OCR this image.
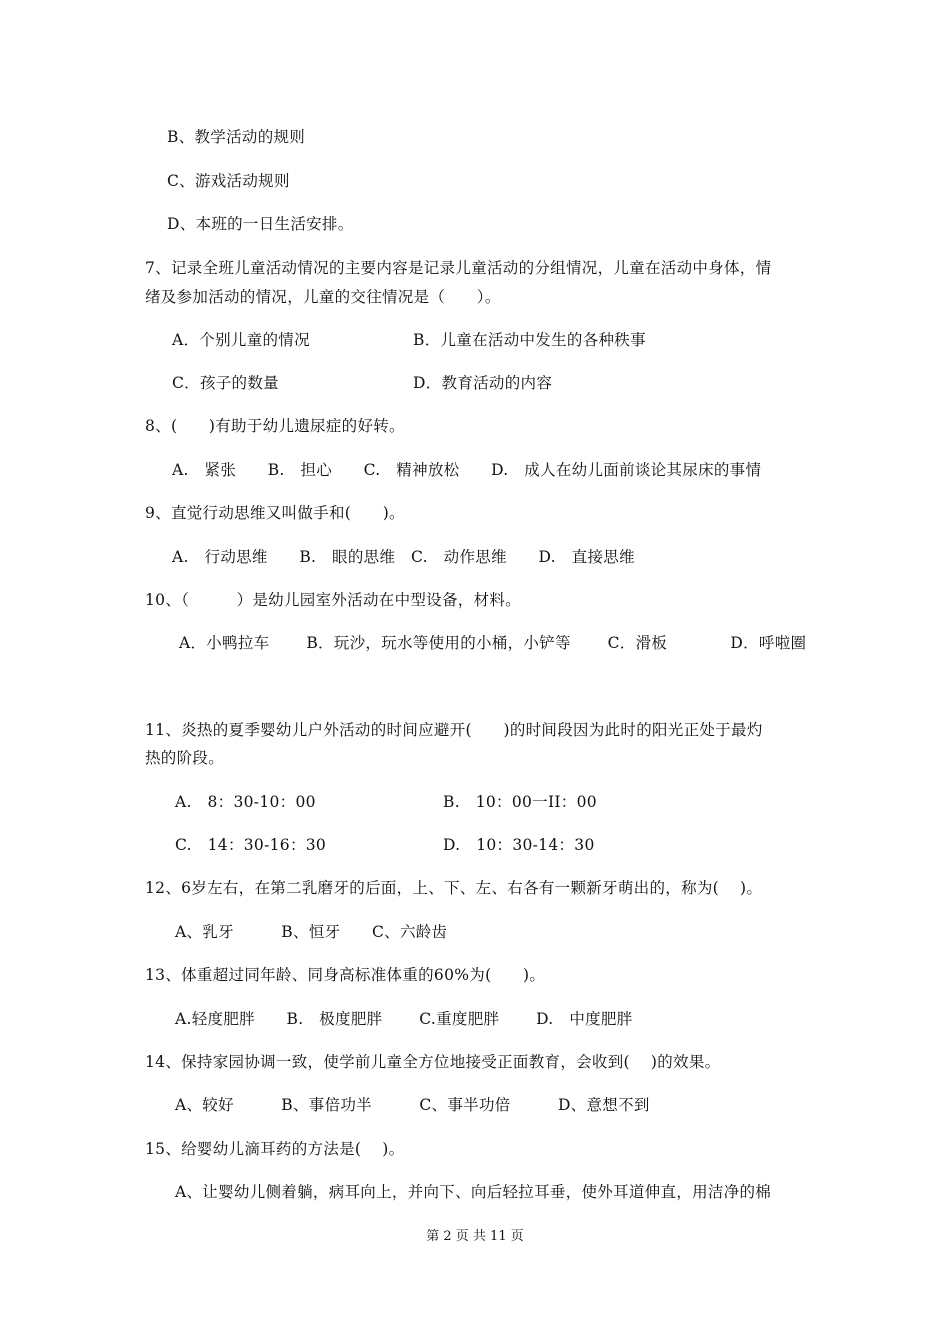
B、教学活动的规则
C、游戏活动规则
D、本班的一日生活安排。
7、记录全班儿童活动情况的主要内容是记录儿童活动的分组情况，儿童在活动中身体，情
绪及参加活动的情况，儿童的交往情况是（　　）。
A．个别儿童的情况	B．儿童在活动中发生的各种秩事
C．孩子的数量	D．教育活动的内容
8、(　　)有助于幼儿遗尿症的好转。
A.　紧张　　B.　担心　　C.　精神放松　　D.　成人在幼儿面前谈论其尿床的事情
9、直觉行动思维又叫做手和(　　)。
A.　行动思维　　B.　眼的思维　C.　动作思维　　D.　直接思维
10、（　　　）是幼儿园室外活动在中型设备，材料。
A．小鸭拉车　　 B．玩沙，玩水等使用的小桶，小铲等　　 C．滑板　　　　D．呼啦圈
11、炎热的夏季婴幼儿户外活动的时间应避开(　　)的时间段因为此时的阳光正处于最灼
热的阶段。
A.　8：30-10：00	B.　10：00一II：00
C.　14：30-16：30	D.　10：30-14：30
12、6岁左右，在第二乳磨牙的后面，上、下、左、右各有一颗新牙萌出的，称为(　 )。
A、乳牙　　　B、恒牙　　C、六龄齿
13、体重超过同年龄、同身高标准体重的60%为(　　)。
A.轻度肥胖　　B.　极度肥胖　　 C.重度肥胖　　 D.　中度肥胖
14、保持家园协调一致，使学前儿童全方位地接受正面教育，会收到(　 )的效果。
A、较好　　　B、事倍功半　　　C、事半功倍　　　D、意想不到
15、给婴幼儿滴耳药的方法是(　 )。
A、让婴幼儿侧着躺，病耳向上，并向下、向后轻拉耳垂，使外耳道伸直，用洁净的棉
第 2 页 共 11 页
